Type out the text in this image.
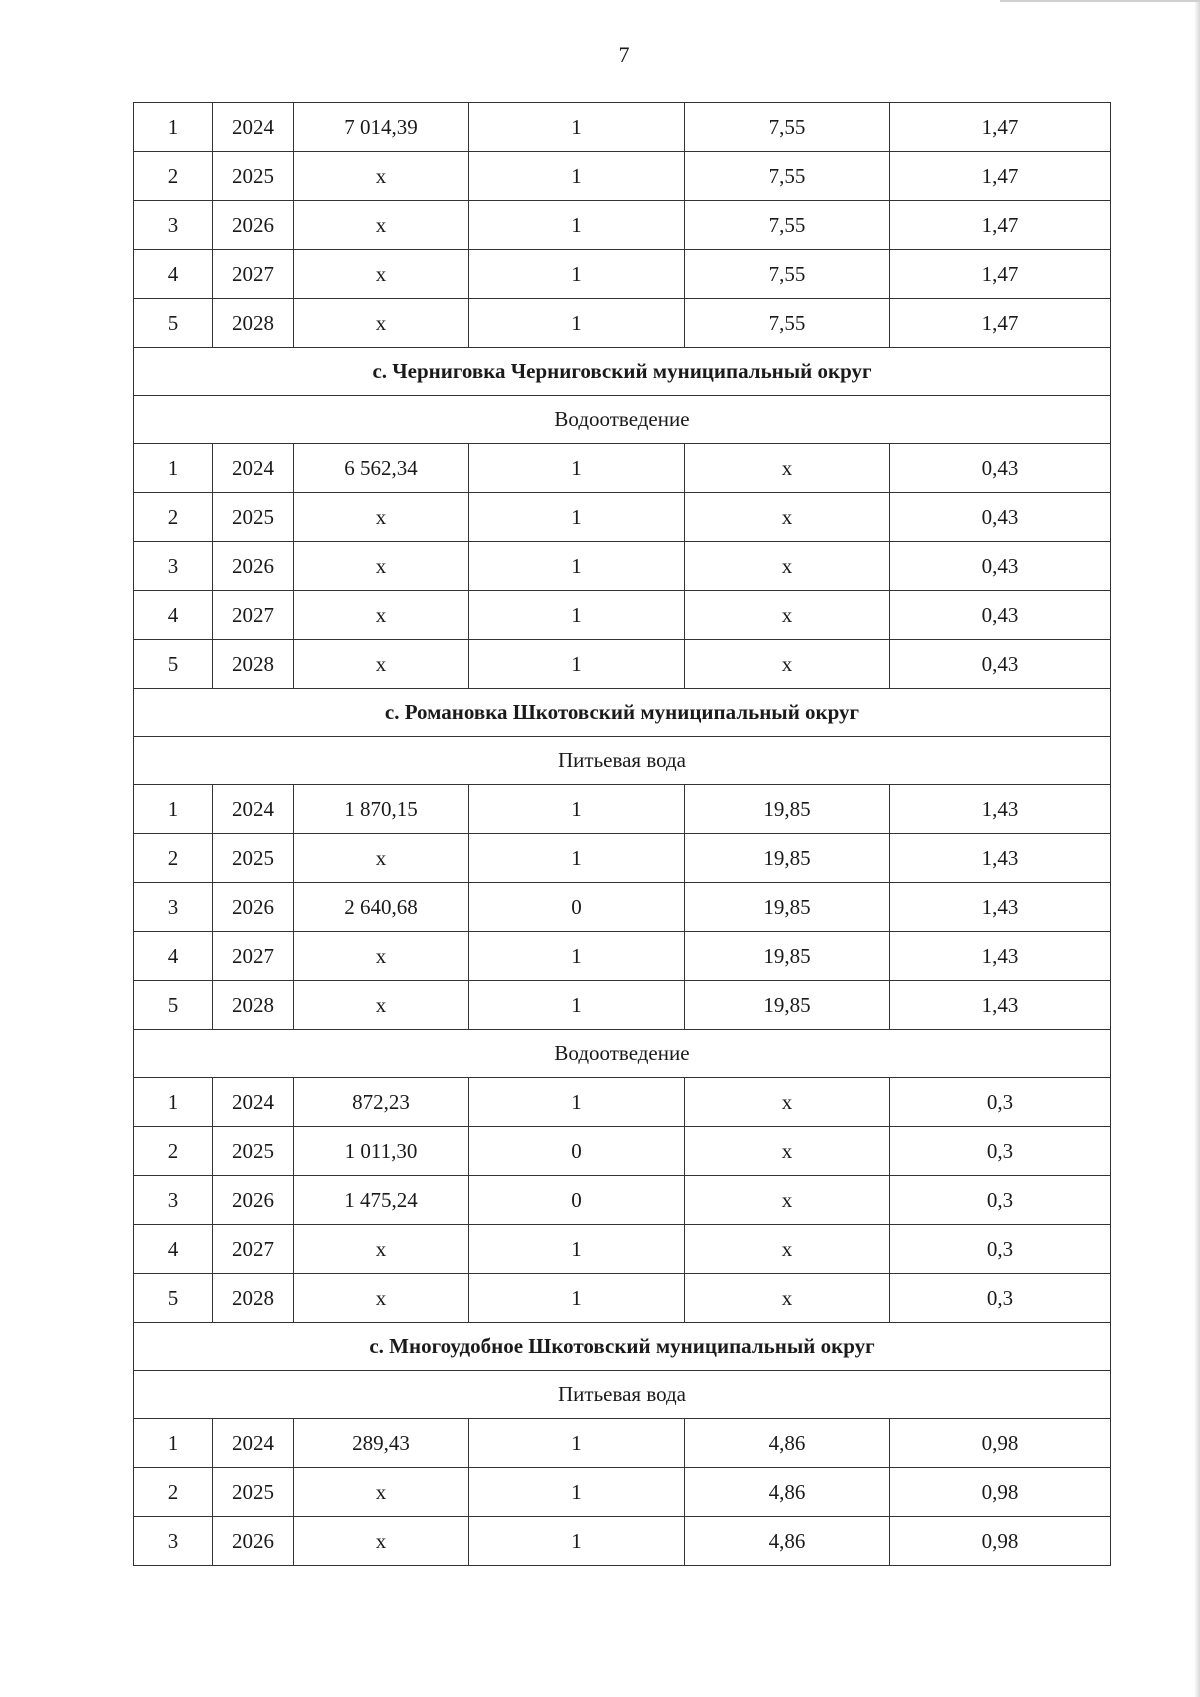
7
1	2024	7 014,39	1	7,55	1,47
2	2025	х	1	7,55	1,47
3	2026	х	1	7,55	1,47
4	2027	х	1	7,55	1,47
5	2028	х	1	7,55	1,47
с. Черниговка Черниговский муниципальный округ					
Водоотведение					
1	2024	6 562,34	1	х	0,43
2	2025	х	1	х	0,43
3	2026	х	1	х	0,43
4	2027	х	1	х	0,43
5	2028	х	1	х	0,43
с. Романовка Шкотовский муниципальный округ					
Питьевая вода					
1	2024	1 870,15	1	19,85	1,43
2	2025	х	1	19,85	1,43
3	2026	2 640,68	0	19,85	1,43
4	2027	х	1	19,85	1,43
5	2028	х	1	19,85	1,43
Водоотведение					
1	2024	872,23	1	х	0,3
2	2025	1 011,30	0	х	0,3
3	2026	1 475,24	0	х	0,3
4	2027	х	1	х	0,3
5	2028	х	1	х	0,3
с. Многоудобное Шкотовский муниципальный округ					
Питьевая вода					
1	2024	289,43	1	4,86	0,98
2	2025	х	1	4,86	0,98
3	2026	х	1	4,86	0,98
